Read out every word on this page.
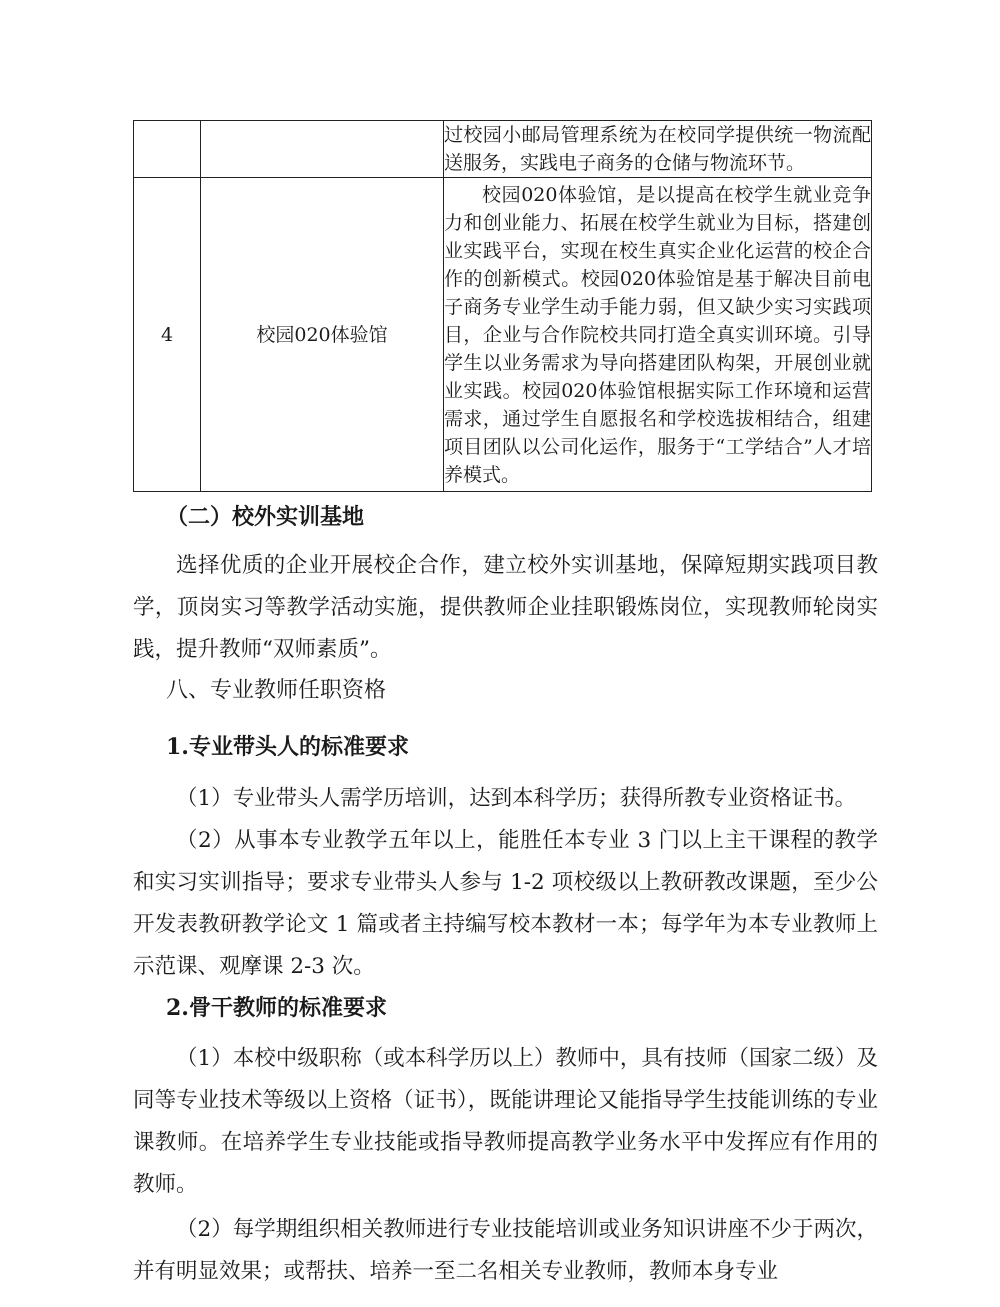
		过校园小邮局管理系统为在校同学提供统一物流配送服务，实践电子商务的仓储与物流环节。

4	校园020体验馆	校园020体验馆，是以提高在校学生就业竞争力和创业能力、拓展在校学生就业为目标，搭建创业实践平台，实现在校生真实企业化运营的校企合作的创新模式。校园020体验馆是基于解决目前电子商务专业学生动手能力弱，但又缺少实习实践项目，企业与合作院校共同打造全真实训环境。引导学生以业务需求为导向搭建团队构架，开展创业就业实践。校园020体验馆根据实际工作环境和运营需求，通过学生自愿报名和学校选拔相结合，组建项目团队以公司化运作，服务于“工学结合”人才培养模式。
（二）校外实训基地
选择优质的企业开展校企合作，建立校外实训基地，保障短期实践项目教学，顶岗实习等教学活动实施，提供教师企业挂职锻炼岗位，实现教师轮岗实践，提升教师“双师素质”。
八、专业教师任职资格
1.专业带头人的标准要求
（1）专业带头人需学历培训，达到本科学历；获得所教专业资格证书。
（2）从事本专业教学五年以上，能胜任本专业 3 门以上主干课程的教学和实习实训指导；要求专业带头人参与 1-2 项校级以上教研教改课题，至少公开发表教研教学论文 1 篇或者主持编写校本教材一本；每学年为本专业教师上示范课、观摩课 2-3 次。
2.骨干教师的标准要求
（1）本校中级职称（或本科学历以上）教师中，具有技师（国家二级）及同等专业技术等级以上资格（证书），既能讲理论又能指导学生技能训练的专业课教师。在培养学生专业技能或指导教师提高教学业务水平中发挥应有作用的教师。
（2）每学期组织相关教师进行专业技能培训或业务知识讲座不少于两次，并有明显效果；或帮扶、培养一至二名相关专业教师，教师本身专业
